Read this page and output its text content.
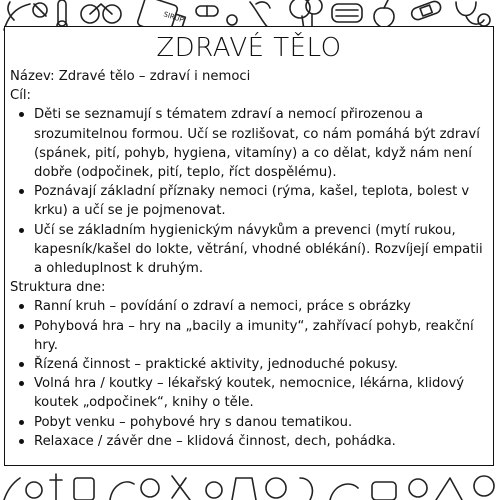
SIRUP
ZDRAVÉ TĚLO

Název: Zdravé tělo – zdraví i nemoci

Cíl:

Děti se seznamují s tématem zdraví a nemocí přirozenou a srozumitelnou formou. Učí se rozlišovat, co nám pomáhá být zdraví (spánek, pití, pohyb, hygiena, vitamíny) a co dělat, když nám není dobře (odpočinek, pití, teplo, říct dospělému).
Poznávají základní příznaky nemoci (rýma, kašel, teplota, bolest v krku) a učí se je pojmenovat.
Učí se základním hygienickým návykům a prevenci (mytí rukou, kapesník/kašel do lokte, větrání, vhodné oblékání). Rozvíjejí empatii a ohleduplnost k druhým.

Struktura dne:

Ranní kruh – povídání o zdraví a nemoci, práce s obrázky
Pohybová hra – hry na „bacily a imunity“, zahřívací pohyb, reakční hry.
Řízená činnost – praktické aktivity, jednoduché pokusy.
Volná hra / koutky – lékařský koutek, nemocnice, lékárna, klidový koutek „odpočinek“, knihy o těle.
Pobyt venku – pohybové hry s danou tematikou.
Relaxace / závěr dne – klidová činnost, dech, pohádka.
